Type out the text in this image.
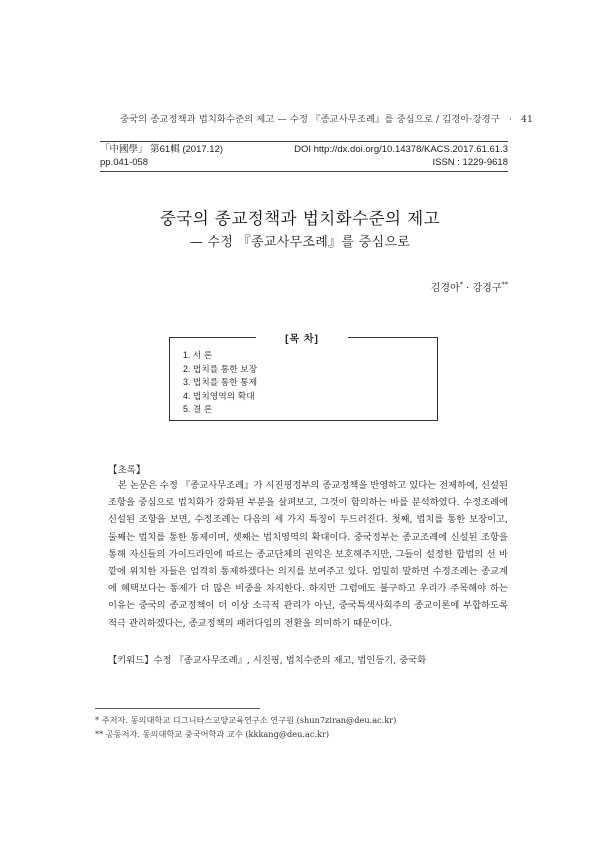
중국의 종교정책과 법치화수준의 제고 — 수정 『종교사무조례』를 중심으로 / 김경아·강경구 · 41
「中國學」 第61輯 (2017.12)	DOI http://dx.doi.org/10.14378/KACS.2017.61.61.3
pp.041-058	ISSN : 1229-9618
중국의 종교정책과 법치화수준의 제고
— 수정 『종교사무조례』를 중심으로
김경아* · 강경구**
[목 차]
1. 서 론
2. 법치를 통한 보장
3. 법치를 통한 통제
4. 법치영역의 확대
5. 결 론
【초록】

본 논문은 수정 『종교사무조례』가 시진핑정부의 종교정책을 반영하고 있다는 전제하에, 신설된 조항을 중심으로 법치화가 강화된 부분을 살펴보고, 그것이 함의하는 바를 분석하였다. 수정조례에 신설된 조항을 보면, 수정조례는 다음의 세 가지 특징이 두드러진다. 첫째, 법치를 통한 보장이고, 둘째는 법치를 통한 통제이며, 셋째는 법치영역의 확대이다. 중국정부는 종교조례에 신설된 조항을 통해 자신들의 가이드라인에 따르는 종교단체의 권익은 보호해주지만, 그들이 설정한 합법의 선 바깥에 위치한 자들은 엄격히 통제하겠다는 의지를 보여주고 있다. 엄밀히 말하면 수정조례는 종교계에 혜택보다는 통제가 더 많은 비중을 차지한다. 하지만 그럼에도 불구하고 우리가 주목해야 하는 이유는 중국의 종교정책이 더 이상 소극적 관리가 아닌, 중국특색사회주의 종교이론에 부합하도록 적극 관리하겠다는, 종교정책의 패러다임의 전환을 의미하기 때문이다.

【키워드】수정 『종교사무조례』, 시진핑, 법치수준의 제고, 법인등기, 중국화
* 주저자. 동의대학교 디그니타스교양교육연구소 연구원 (shun7ziran@deu.ac.kr)
** 공동저자. 동의대학교 중국어학과 교수 (kkkang@deu.ac.kr)
